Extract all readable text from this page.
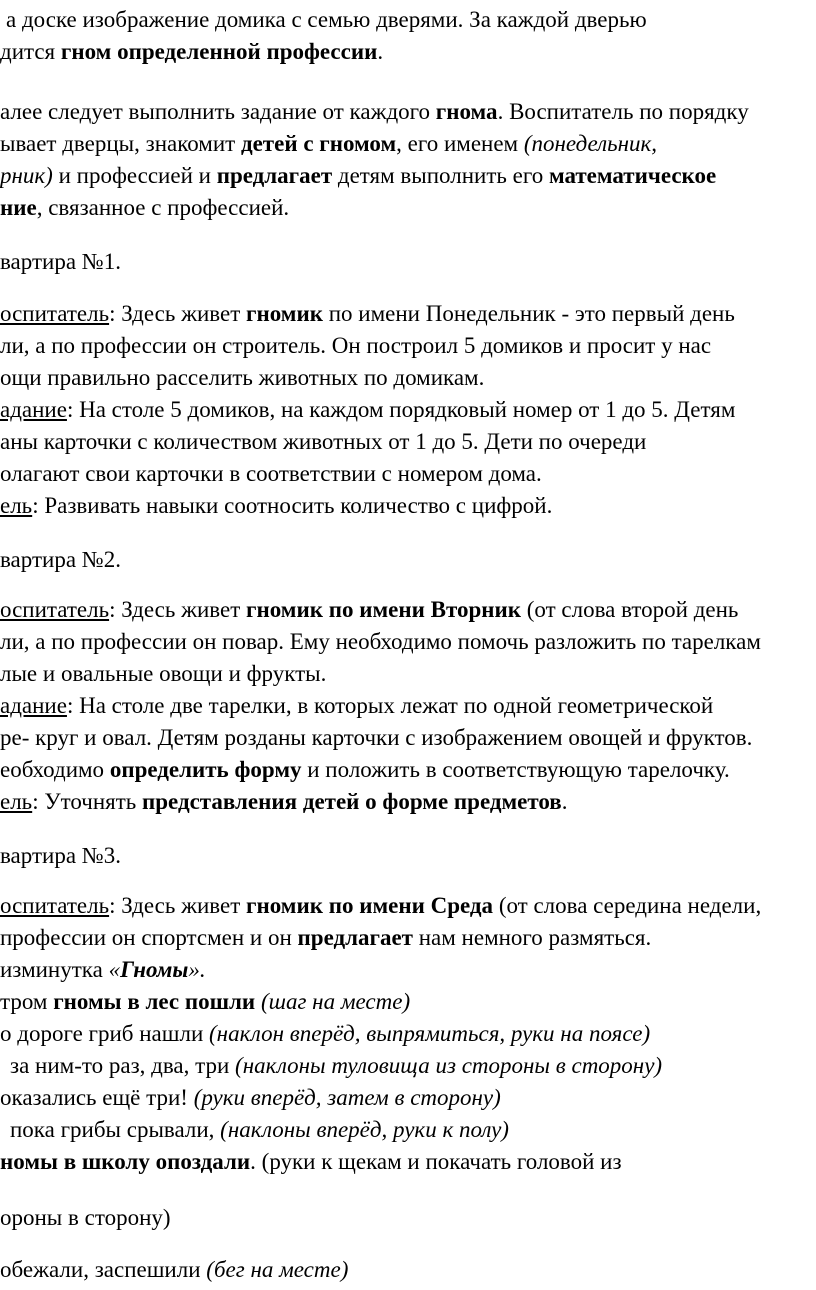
а доске изображение домика с семью дверями. За каждой дверью
дится гном определенной профессии.
алее следует выполнить задание от каждого гнома. Воспитатель по порядку
ывает дверцы, знакомит детей с гномом, его именем (понедельник,
рник) и профессией и предлагает детям выполнить его математическое
ние, связанное с профессией.
вартира №1.
оспитатель: Здесь живет гномик по имени Понедельник - это первый день
ли, а по профессии он строитель. Он построил 5 домиков и просит у нас
ощи правильно расселить животных по домикам.
адание: На столе 5 домиков, на каждом порядковый номер от 1 до 5. Детям
аны карточки с количеством животных от 1 до 5. Дети по очереди
олагают свои карточки в соответствии с номером дома.
ель: Развивать навыки соотносить количество с цифрой.
вартира №2.
оспитатель: Здесь живет гномик по имени Вторник (от слова второй день
ли, а по профессии он повар. Ему необходимо помочь разложить по тарелкам
лые и овальные овощи и фрукты.
адание: На столе две тарелки, в которых лежат по одной геометрической
ре- круг и овал. Детям розданы карточки с изображением овощей и фруктов.
еобходимо определить форму и положить в соответствующую тарелочку.
ель: Уточнять представления детей о форме предметов.
вартира №3.
оспитатель: Здесь живет гномик по имени Среда (от слова середина недели,
профессии он спортсмен и он предлагает нам немного размяться.
изминутка «Гномы».
тром гномы в лес пошли (шаг на месте)
о дороге гриб нашли (наклон вперёд, выпрямиться, руки на поясе)
за ним-то раз, два, три (наклоны туловища из стороны в сторону)
оказались ещё три! (руки вперёд, затем в сторону)
пока грибы срывали, (наклоны вперёд, руки к полу)
номы в школу опоздали. (руки к щекам и покачать головой из
ороны в сторону)
обежали, заспешили (бег на месте)
